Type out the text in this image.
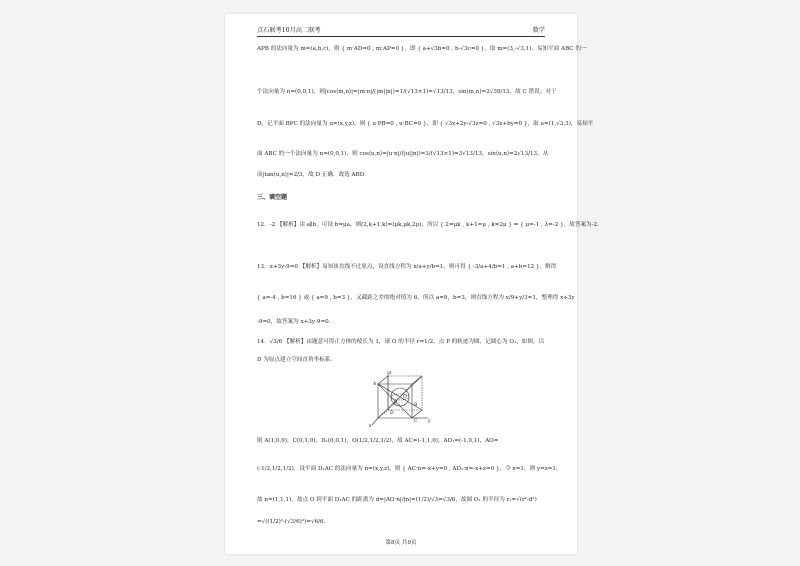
点石联考10月高二联考	数学
APB 的法向量为 m=(a,b,c)，则 { m·AD=0 , m·AP=0 }，即 { a+√3b=0 , b-√3c=0 }，取 m=(3,-√3,1)，易知平面 ABC 的一
个法向量为 n=(0,0,1)，则|cos⟨m,n⟩|=|m·n|/(|m||n|)=1/(√13×1)=√13/13，sin⟨m,n⟩=2√39/13，故 C 错误；对于
D，记平面 BPC 的法向量为 u=(x,y,z)，则 { u·PB=0 , u·BC=0 }，即 { √3x+2y-√3z=0 , √3x+by=0 }，取 u=(1,√3,3)，易知平
面 ABC 的一个法向量为 n=(0,0,1)，则 cos⟨u,n⟩=|u·n|/(|u||n|)=3/(√13×1)=3√13/13，sin⟨u,n⟩=2√13/13，从
而|tan⟨u,n⟩|=2/3，故 D 正确．故选 ABD．
三、填空题
12．-2 【解析】由 a∥b，可设 b=μa，则(2,k+1,k)=(μk,μk,2μ)，所以 { 2=μk , k+1=μ , k=2μ } ⇒ { μ=-1 , λ=-2 }，故答案为-2．
13．x+3y-9=0 【解析】易知该直线不过原点，设直线方程为 x/a+y/b=1，则可得 { -3/a+4/b=1 , a+b=12 }，解得
{ a=-4 , b=16 } 或 { a=9 , b=3 }，又截距之差的绝对值为 6，所以 a=9，b=3，则直线方程为 x/9+y/3=1，整理得 x+3y
-9=0，故答案为 x+3y-9=0．
14．√3/6 【解析】由题意可得正方体的棱长为 1，球 O 的半径 r=1/2，点 P 的轨迹为圆，记圆心为 O₁，如图，以
D 为原点建立空间直角坐标系．
A
C
D
O
P	B
x
y
z
则 A(1,0,0)，C(0,1,0)，D₁(0,0,1)，O(1/2,1/2,1/2)，故 AC=(-1,1,0)，AD₁=(-1,0,1)，AO=
(-1/2,1/2,1/2)，设平面 D₁AC 的法向量为 n=(x,y,z)，则 { AC·n=-x+y=0 , AD₁·n=-x+z=0 }，令 x=1，则 y=z=1，
故 n=(1,1,1)，故点 O 到平面 D₁AC 的距离为 d=|AO·n|/|n|=(1/2)/√3=√3/6，故圆 O₁ 的半径为 r₁=√(r²-d²)
=√((1/2)²-(√3/6)²)=√6/6．
第8页 共9页
